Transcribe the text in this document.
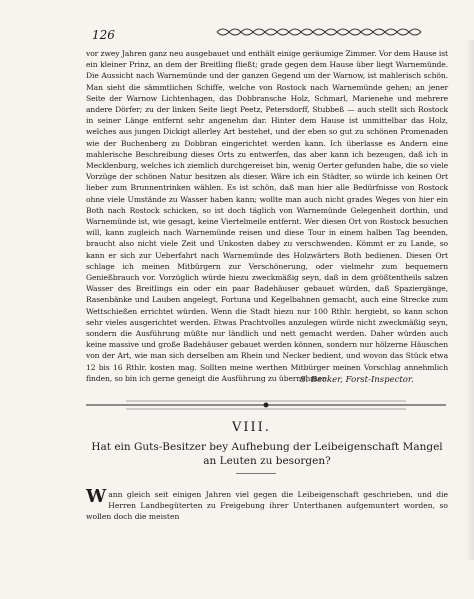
126

vor zwey Jahren ganz neu ausgebauet und enthält einige geräumige Zimmer. Vor dem Hause ist ein kleiner Prinz, an dem der Breitling fließt; grade gegen dem Hause über liegt Warnemünde. Die Aussicht nach Warnemünde und der ganzen Gegend um der Warnow, ist mahlerisch schön. Man sieht die sämmtlichen Schiffe, welche von Rostock nach Warnemünde gehen; an jener Seite der Warnow Lichtenhagen, das Dobbransche Holz, Schmarl, Marienehe und mehrere andere Dörfer; zu der linken Seite liegt Peetz, Petersdorff, Stubbeß — auch stellt sich Rostock in seiner Länge entfernt sehr angenehm dar. Hinter dem Hause ist unmittelbar das Holz, welches aus jungen Dickigt allerley Art bestehet, und der eben so gut zu schönen Promenaden wie der Buchenberg zu Dobbran eingerichtet werden kann. Ich überlasse es Andern eine mahlerische Beschreibung dieses Orts zu entwerfen, das aber kann ich bezeugen, daß ich in Mecklenburg, welches ich ziemlich durchgereiset bin, wenig Oerter gefunden habe, die so viele Vorzüge der schönen Natur besitzen als dieser. Wäre ich ein Städter, so würde ich keinen Ort lieber zum Brunnentrinken wählen. Es ist schön, daß man hier alle Bedürfnisse von Rostock ohne viele Umstände zu Wasser haben kann; wollte man auch nicht grades Weges von hier ein Both nach Rostock schicken, so ist doch täglich von Warnemünde Gelegenheit dorthin, und Warnemünde ist, wie gesagt, keine Viertelmeile entfernt. Wer diesen Ort von Rostock besuchen will, kann zugleich nach Warnemünde reisen und diese Tour in einem halben Tag beenden, braucht also nicht viele Zeit und Unkosten dabey zu verschwenden. Kömmt er zu Lande, so kann er sich zur Ueberfahrt nach Warnemünde des Holzwärters Both bedienen. Diesen Ort schlage ich meinen Mitbürgern zur Verschönerung, oder vielmehr zum bequemern Genießbrauch vor. Vorzüglich würde hiezu zweckmäßig seyn, daß in dem größtentheils salzen Wasser des Breitlings ein oder ein paar Badehäuser gebauet würden, daß Spaziergänge, Rasenbänke und Lauben angelegt, Fortuna und Kegelbahnen gemacht, auch eine Strecke zum Wettschießen errichtet würden. Wenn die Stadt hiezu nur 100 Rthlr. hergiebt, so kann schon sehr vieles ausgerichtet werden. Etwas Prachtvolles anzulegen würde nicht zweckmäßig seyn, sondern die Ausführung müßte nur ländlich und nett gemacht werden. Daher würden auch keine massive und große Badehäuser gebauet werden können, sondern nur hölzerne Häuschen von der Art, wie man sich derselben am Rhein und Necker bedient, und wovon das Stück etwa 12 bis 16 Rthlr. kosten mag. Sollten meine werthen Mitbürger meinen Vorschlag annehmlich finden, so bin ich gerne geneigt die Ausführung zu übernehmen.

S. Becker, Forst-Inspector.
VIII.
Hat ein Guts-Besitzer bey Aufhebung der Leibeigenschaft Mangel an Leuten zu besorgen?
Wann gleich seit einigen Jahren viel gegen die Leibeigenschaft geschrieben, und die Herren Landbegüterten zu Freigebung ihrer Unterthanen aufgemuntert worden, so wollen doch die meisten
